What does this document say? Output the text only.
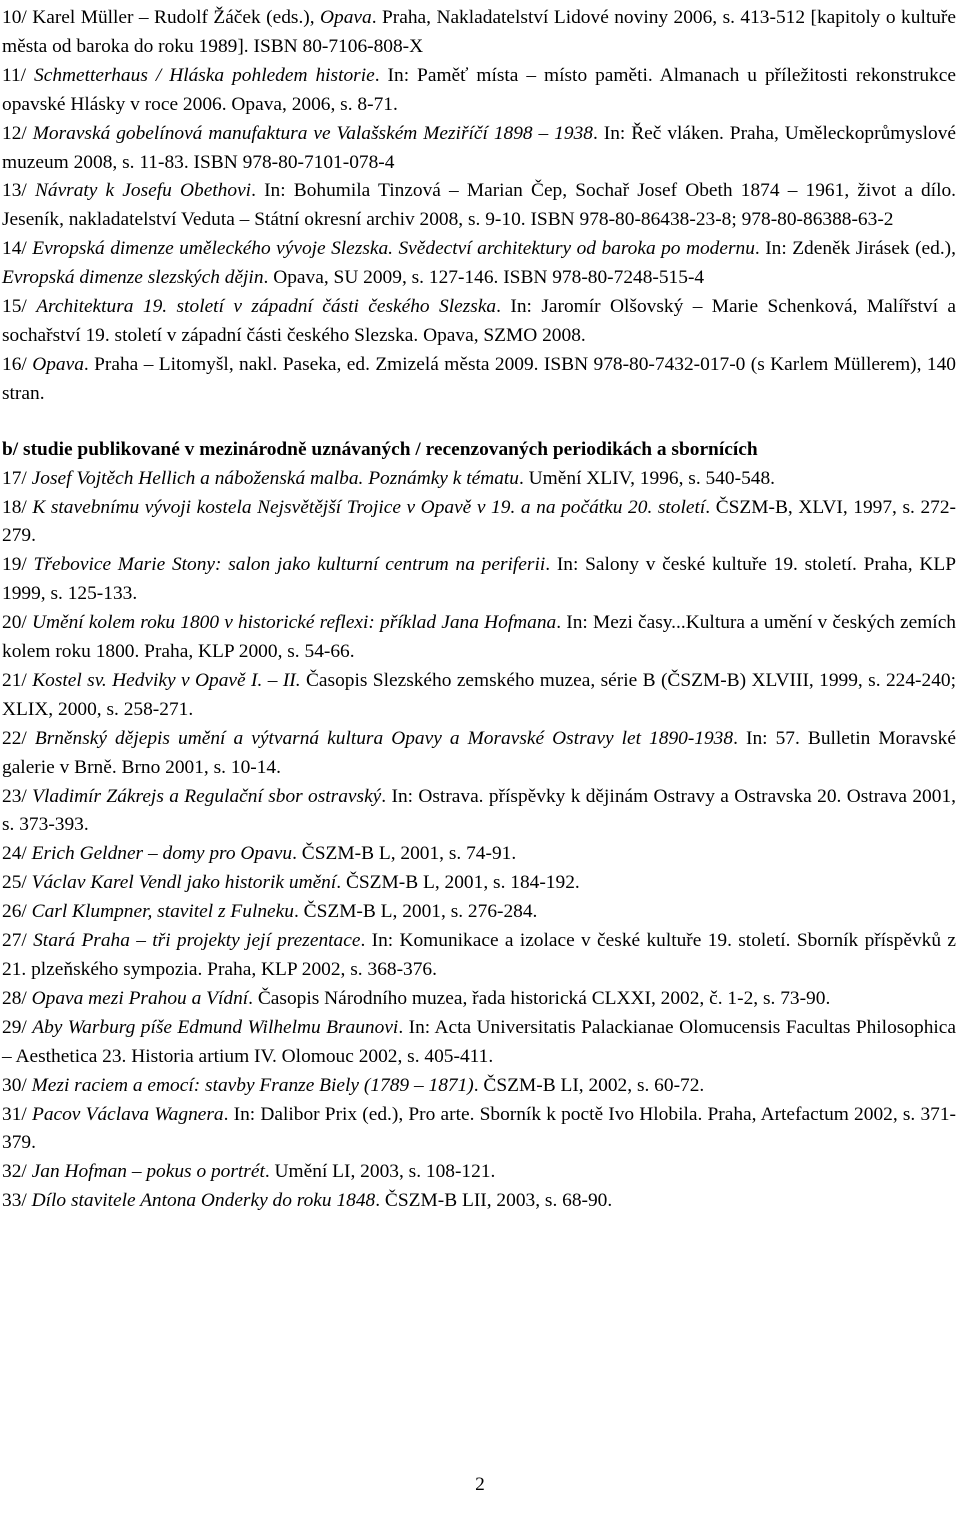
10/ Karel Müller – Rudolf Žáček (eds.), Opava. Praha, Nakladatelství Lidové noviny 2006, s. 413-512 [kapitoly o kultuře města od baroka do roku 1989]. ISBN 80-7106-808-X

11/ Schmetterhaus / Hláska pohledem historie. In: Paměť místa – místo paměti. Almanach u příležitosti rekonstrukce opavské Hlásky v roce 2006. Opava, 2006, s. 8-71.

12/ Moravská gobelínová manufaktura ve Valašském Meziříčí 1898 – 1938. In: Řeč vláken. Praha, Uměleckoprůmyslové muzeum 2008, s. 11-83. ISBN 978-80-7101-078-4

13/ Návraty k Josefu Obethovi. In: Bohumila Tinzová – Marian Čep, Sochař Josef Obeth 1874 – 1961, život a dílo. Jeseník, nakladatelství Veduta – Státní okresní archiv 2008, s. 9-10. ISBN 978-80-86438-23-8; 978-80-86388-63-2

14/ Evropská dimenze uměleckého vývoje Slezska. Svědectví architektury od baroka po modernu. In: Zdeněk Jirásek (ed.), Evropská dimenze slezských dějin. Opava, SU 2009, s. 127-146. ISBN 978-80-7248-515-4

15/ Architektura 19. století v západní části českého Slezska. In: Jaromír Olšovský – Marie Schenková, Malířství a sochařství 19. století v západní části českého Slezska. Opava, SZMO 2008.

16/ Opava. Praha – Litomyšl, nakl. Paseka, ed. Zmizelá města 2009. ISBN 978-80-7432-017-0 (s Karlem Müllerem), 140 stran.

b/ studie publikované v mezinárodně uznávaných / recenzovaných periodikách a sbornících

17/ Josef Vojtěch Hellich a náboženská malba. Poznámky k tématu. Umění XLIV, 1996, s. 540-548.

18/ K stavebnímu vývoji kostela Nejsvětější Trojice v Opavě v 19. a na počátku 20. století. ČSZM-B, XLVI, 1997, s. 272-279.

19/ Třebovice Marie Stony: salon jako kulturní centrum na periferii. In: Salony v české kultuře 19. století. Praha, KLP 1999, s. 125-133.

20/ Umění kolem roku 1800 v historické reflexi: příklad Jana Hofmana. In: Mezi časy...Kultura a umění v českých zemích kolem roku 1800. Praha, KLP 2000, s. 54-66.

21/ Kostel sv. Hedviky v Opavě I. – II. Časopis Slezského zemského muzea, série B (ČSZM-B) XLVIII, 1999, s. 224-240; XLIX, 2000, s. 258-271.

22/ Brněnský dějepis umění a výtvarná kultura Opavy a Moravské Ostravy let 1890-1938. In: 57. Bulletin Moravské galerie v Brně. Brno 2001, s. 10-14.

23/ Vladimír Zákrejs a Regulační sbor ostravský. In: Ostrava. příspěvky k dějinám Ostravy a Ostravska 20. Ostrava 2001, s. 373-393.

24/ Erich Geldner – domy pro Opavu. ČSZM-B L, 2001, s. 74-91.

25/ Václav Karel Vendl jako historik umění. ČSZM-B L, 2001, s. 184-192.

26/ Carl Klumpner, stavitel z Fulneku. ČSZM-B L, 2001, s. 276-284.

27/ Stará Praha – tři projekty její prezentace. In: Komunikace a izolace v české kultuře 19. století. Sborník příspěvků z 21. plzeňského sympozia. Praha, KLP 2002, s. 368-376.

28/ Opava mezi Prahou a Vídní. Časopis Národního muzea, řada historická CLXXI, 2002, č. 1-2, s. 73-90.

29/ Aby Warburg píše Edmund Wilhelmu Braunovi. In: Acta Universitatis Palackianae Olomucensis Facultas Philosophica – Aesthetica 23. Historia artium IV. Olomouc 2002, s. 405-411.

30/ Mezi raciem a emocí: stavby Franze Biely (1789 – 1871). ČSZM-B LI, 2002, s. 60-72.

31/ Pacov Václava Wagnera. In: Dalibor Prix (ed.), Pro arte. Sborník k poctě Ivo Hlobila. Praha, Artefactum 2002, s. 371-379.

32/ Jan Hofman – pokus o portrét. Umění LI, 2003, s. 108-121.

33/ Dílo stavitele Antona Onderky do roku 1848. ČSZM-B LII, 2003, s. 68-90.

2
